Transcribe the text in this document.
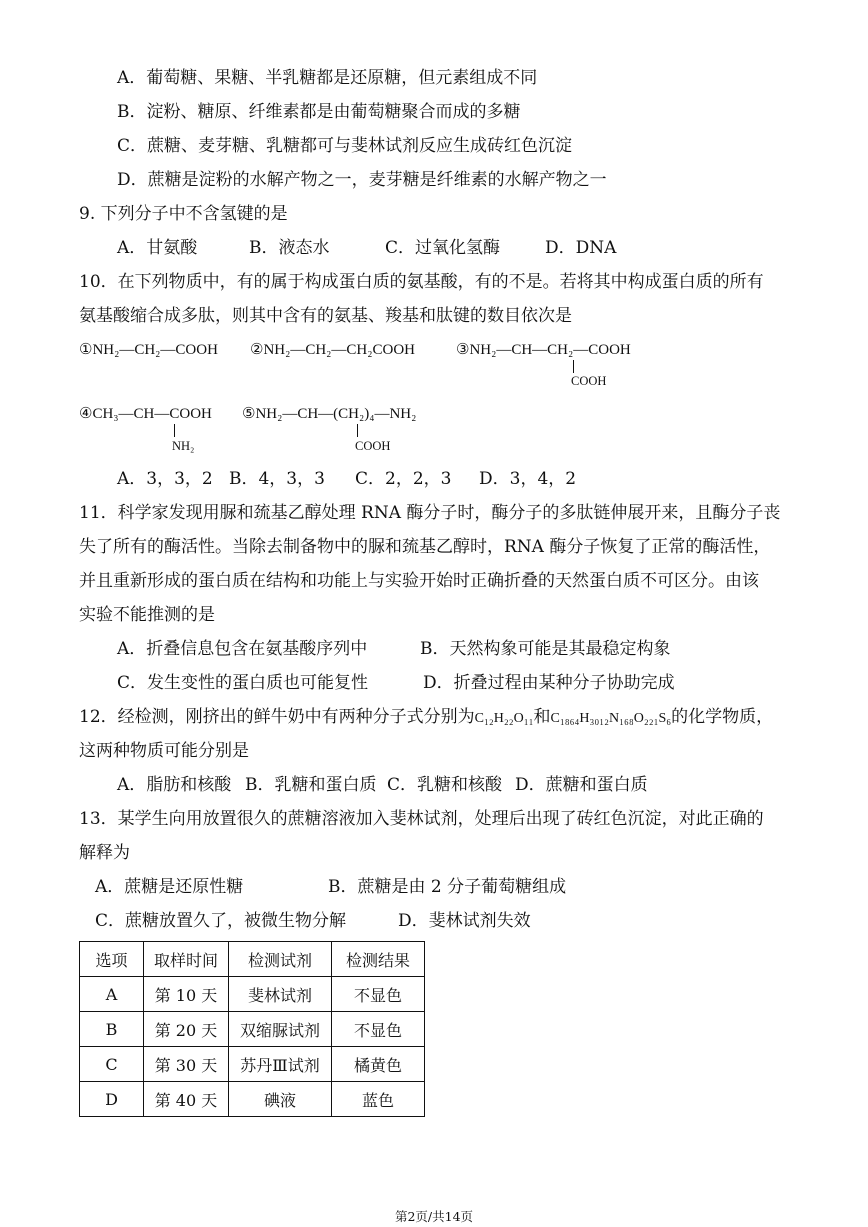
A．葡萄糖、果糖、半乳糖都是还原糖，但元素组成不同
B．淀粉、糖原、纤维素都是由葡萄糖聚合而成的多糖
C．蔗糖、麦芽糖、乳糖都可与斐林试剂反应生成砖红色沉淀
D．蔗糖是淀粉的水解产物之一，麦芽糖是纤维素的水解产物之一
9. 下列分子中不含氢键的是
A．甘氨酸	B．液态水	C．过氧化氢酶	D．DNA
10．在下列物质中，有的属于构成蛋白质的氨基酸，有的不是。若将其中构成蛋白质的所有
氨基酸缩合成多肽，则其中含有的氨基、羧基和肽键的数目依次是
①NH₂—CH₂—COOH ②NH₂—CH₂—CH₂COOH	③NH₂—CH—CH₂—COOH
COOH
④CH₃—CH—COOH
NH₂
⑤NH₂—CH—(CH₂)₄—NH₂
COOH
A．3，3，2 B．4，3，3 C．2，2，3 D．3，4，2
11．科学家发现用脲和巯基乙醇处理 RNA 酶分子时，酶分子的多肽链伸展开来，且酶分子丧
失了所有的酶活性。当除去制备物中的脲和巯基乙醇时，RNA 酶分子恢复了正常的酶活性，
并且重新形成的蛋白质在结构和功能上与实验开始时正确折叠的天然蛋白质不可区分。由该
实验不能推测的是
A．折叠信息包含在氨基酸序列中	B．天然构象可能是其最稳定构象
C．发生变性的蛋白质也可能复性	D．折叠过程由某种分子协助完成
12．经检测，刚挤出的鲜牛奶中有两种分子式分别为C₁₂H₂₂O₁₁和C₁₈₆₄H₃₀₁₂N₁₆₈O₂₂₁S₆的化学物质，
这两种物质可能分别是
A．脂肪和核酸 B．乳糖和蛋白质 C．乳糖和核酸 D．蔗糖和蛋白质
13．某学生向用放置很久的蔗糖溶液加入斐林试剂，处理后出现了砖红色沉淀，对此正确的
解释为
A．蔗糖是还原性糖	B．蔗糖是由 2 分子葡萄糖组成
C．蔗糖放置久了，被微生物分解	D．斐林试剂失效
选项	取样时间	检测试剂	检测结果
A	第 10 天	斐林试剂	不显色
B	第 20 天	双缩脲试剂	不显色
C	第 30 天	苏丹Ⅲ试剂	橘黄色
D	第 40 天	碘液	蓝色
第2页/共14页
